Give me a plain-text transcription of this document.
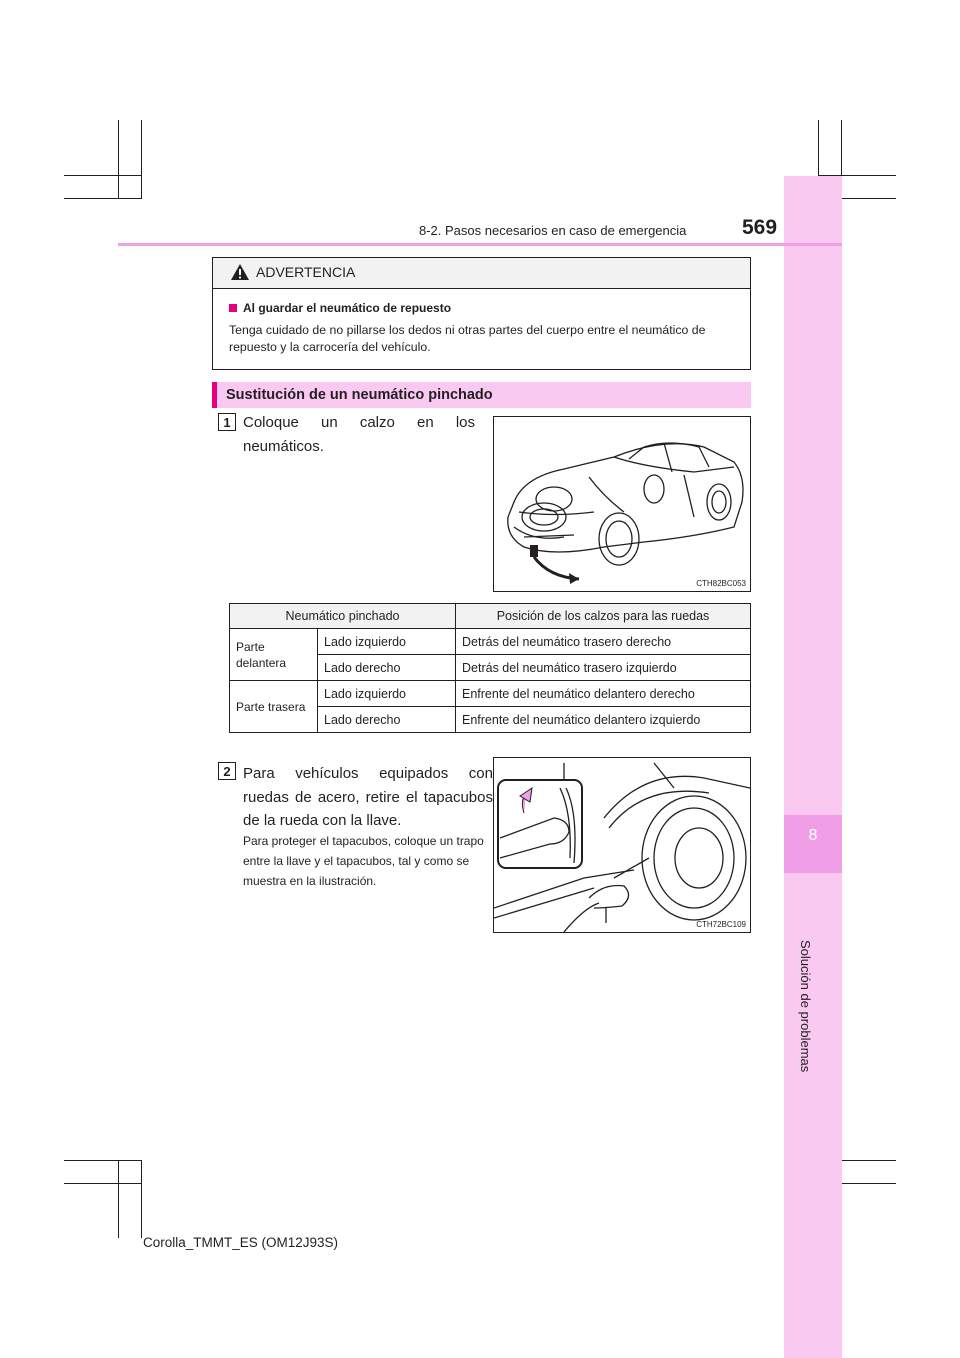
8
Solución de problemas
8-2. Pasos necesarios en caso de emergencia	569
ADVERTENCIA
Al guardar el neumático de repuesto
Tenga cuidado de no pillarse los dedos ni otras partes del cuerpo entre el neumático de repuesto y la carrocería del vehículo.
Sustitución de un neumático pinchado
1 Coloque un calzo en los neumáticos.
CTH82BC053
Neumático pinchado		Posición de los calzos para las ruedas
Parte delantera	Lado izquierdo	Detrás del neumático trasero derecho
	Lado derecho	Detrás del neumático trasero izquierdo
Parte trasera	Lado izquierdo	Enfrente del neumático delantero derecho
	Lado derecho	Enfrente del neumático delantero izquierdo
2 Para vehículos equipados con ruedas de acero, retire el tapacubos de la rueda con la llave.
Para proteger el tapacubos, coloque un trapo entre la llave y el tapacubos, tal y como se muestra en la ilustración.
CTH72BC109
Corolla_TMMT_ES (OM12J93S)
